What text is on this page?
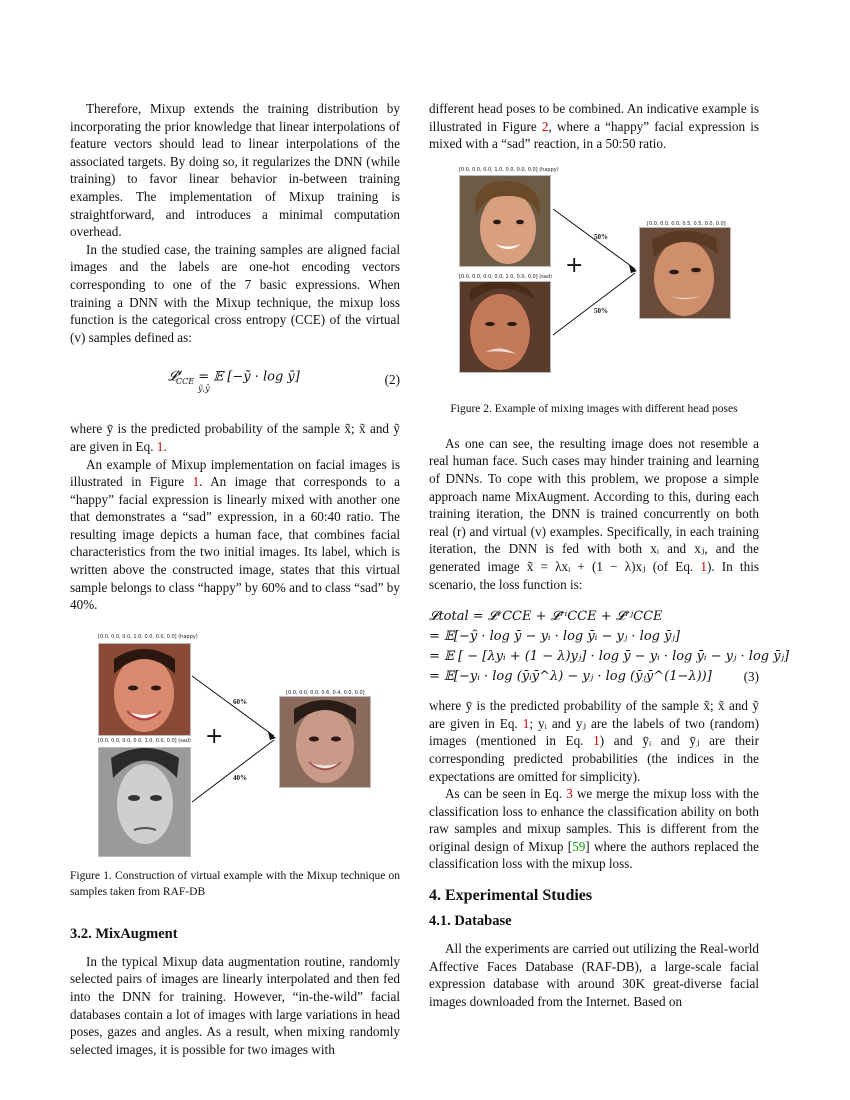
Therefore, Mixup extends the training distribution by incorporating the prior knowledge that linear interpolations of feature vectors should lead to linear interpolations of the associated targets. By doing so, it regularizes the DNN (while training) to favor linear behavior in-between training examples. The implementation of Mixup training is straightforward, and introduces a minimal computation overhead.

In the studied case, the training samples are aligned facial images and the labels are one-hot encoding vectors corresponding to one of the 7 basic expressions. When training a DNN with the Mixup technique, the mixup loss function is the categorical cross entropy (CCE) of the virtual (v) samples defined as:

𝓛$^v_{CCE}$ = 𝔼 [−ỹ · log ȳ]
ỹ,ȳ
(2)

where ȳ is the predicted probability of the sample x̃; x̃ and ỹ are given in Eq. 1.

An example of Mixup implementation on facial images is illustrated in Figure 1. An image that corresponds to a “happy” facial expression is linearly mixed with another one that demonstrates a “sad” expression, in a 60:40 ratio. The resulting image depicts a human face, that combines facial characteristics from the two initial images. Its label, which is written above the constructed image, states that this virtual sample belongs to class “happy” by 60% and to class “sad” by 40%.

[0.0, 0.0, 0.0, 1.0, 0.0, 0.0, 0.0] (happy)
[0.0, 0.0, 0.0, 0.0, 1.0, 0.0, 0.0] (sad) +
60%
40%
[0.0, 0.0, 0.0, 0.6, 0.4, 0.0, 0.0]

Figure 1. Construction of virtual example with the Mixup technique on samples taken from RAF-DB

3.2. MixAugment

In the typical Mixup data augmentation routine, randomly selected pairs of images are linearly interpolated and then fed into the DNN for training. However, “in-the-wild” facial databases contain a lot of images with large variations in head poses, gazes and angles. As a result, when mixing randomly selected images, it is possible for two images with

different head poses to be combined. An indicative example is illustrated in Figure 2, where a “happy” facial expression is mixed with a “sad” reaction, in a 50:50 ratio.

[0.0, 0.0, 0.0, 1.0, 0.0, 0.0, 0.0] (happy)
[0.0, 0.0, 0.0, 0.0, 1.0, 0.0, 0.0] (sad) +
50%
50%
[0.0, 0.0, 0.0, 0.5, 0.5, 0.0, 0.0]

Figure 2. Example of mixing images with different head poses

As one can see, the resulting image does not resemble a real human face. Such cases may hinder training and learning of DNNs. To cope with this problem, we propose a simple approach name MixAugment. According to this, during each training iteration, the DNN is trained concurrently on both real (r) and virtual (v) examples. Specifically, in each training iteration, the DNN is fed with both xᵢ and xⱼ, and the generated image x̃ = λxᵢ + (1 − λ)xⱼ (of Eq. 1). In this scenario, the loss function is:

𝓛total = 𝓛ᵛCCE + 𝓛ʳⁱCCE + 𝓛ʳʲCCE
= 𝔼[−ỹ · log ȳ − yᵢ · log ȳᵢ − yⱼ · log ȳⱼ]
= 𝔼 [ − [λyᵢ + (1 − λ)yⱼ] · log ȳ − yᵢ · log ȳᵢ − yⱼ · log ȳⱼ]
= 𝔼[−yᵢ · log (ȳᵢȳ^λ) − yⱼ · log (ȳⱼȳ^(1−λ))]	(3)

where ȳ is the predicted probability of the sample x̃; x̃ and ỹ are given in Eq. 1; yᵢ and yⱼ are the labels of two (random) images (mentioned in Eq. 1) and ȳᵢ and ȳⱼ are their corresponding predicted probabilities (the indices in the expectations are omitted for simplicity).

As can be seen in Eq. 3 we merge the mixup loss with the classification loss to enhance the classification ability on both raw samples and mixup samples. This is different from the original design of Mixup [59] where the authors replaced the classification loss with the mixup loss.

4. Experimental Studies
4.1. Database

All the experiments are carried out utilizing the Real-world Affective Faces Database (RAF-DB), a large-scale facial expression database with around 30K great-diverse facial images downloaded from the Internet. Based on
